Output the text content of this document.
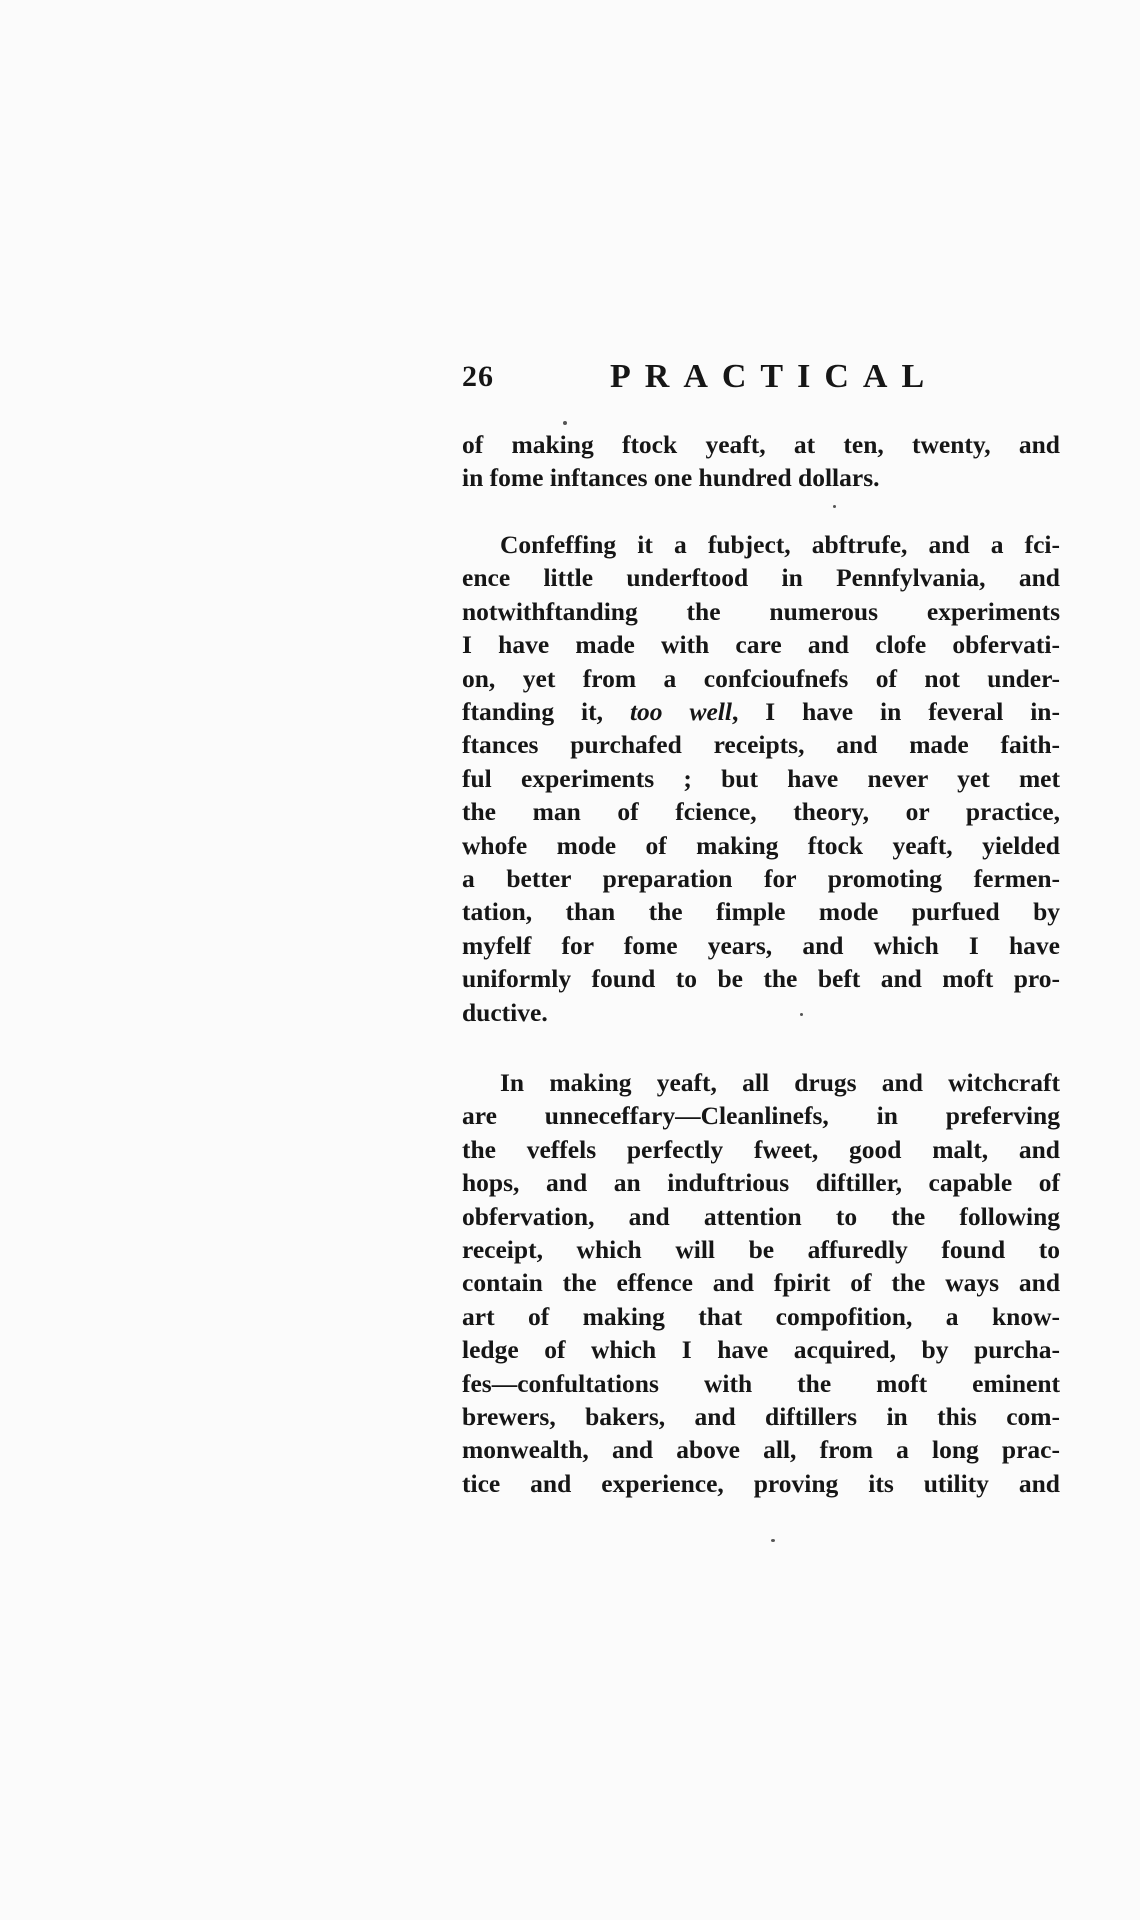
26	PRACTICAL
of making ftock yeaft, at ten, twenty, and
in fome inftances one hundred dollars.
Confeffing it a fubject, abftrufe, and a fci-
ence little underftood in Pennfylvania, and
notwithftanding the numerous experiments
I have made with care and clofe obfervati-
on, yet from a confcioufnefs of not under-
ftanding it, too well, I have in feveral in-
ftances purchafed receipts, and made faith-
ful experiments ; but have never yet met
the man of fcience, theory, or practice,
whofe mode of making ftock yeaft, yielded
a better preparation for promoting fermen-
tation, than the fimple mode purfued by
myfelf for fome years, and which I have
uniformly found to be the beft and moft pro-
ductive.
In making yeaft, all drugs and witchcraft
are unneceffary—Cleanlinefs, in preferving
the veffels perfectly fweet, good malt, and
hops, and an induftrious diftiller, capable of
obfervation, and attention to the following
receipt, which will be affuredly found to
contain the effence and fpirit of the ways and
art of making that compofition, a know-
ledge of which I have acquired, by purcha-
fes—confultations with the moft eminent
brewers, bakers, and diftillers in this com-
monwealth, and above all, from a long prac-
tice and experience, proving its utility and
